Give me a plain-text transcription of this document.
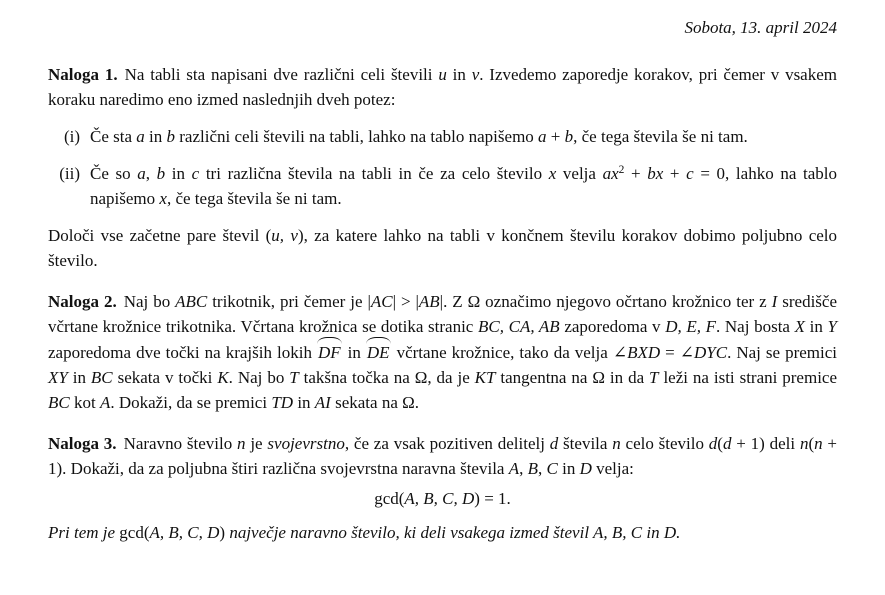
Sobota, 13. april 2024

Naloga 1. Na tabli sta napisani dve različni celi števili u in v. Izvedemo zaporedje korakov, pri čemer v vsakem koraku naredimo eno izmed naslednjih dveh potez:

(i) Če sta a in b različni celi števili na tabli, lahko na tablo napišemo a + b, če tega števila še ni tam.
(ii) Če so a, b in c tri različna števila na tabli in če za celo število x velja $ax^2$ + bx + c = 0, lahko na tablo napišemo x, če tega števila še ni tam.

Določi vse začetne pare števil (u, v), za katere lahko na tabli v končnem številu korakov dobimo poljubno celo število.

Naloga 2. Naj bo ABC trikotnik, pri čemer je |AC| > |AB|. Z Ω označimo njegovo očrtano krožnico ter z I središče včrtane krožnice trikotnika. Včrtana krožnica se dotika stranic BC, CA, AB zaporedoma v D, E, F. Naj bosta X in Y zaporedoma dve točki na krajših lokih DF in DE včrtane krožnice, tako da velja ∠BXD = ∠DYC. Naj se premici XY in BC sekata v točki K. Naj bo T takšna točka na Ω, da je KT tangentna na Ω in da T leži na isti strani premice BC kot A. Dokaži, da se premici TD in AI sekata na Ω.

Naloga 3. Naravno število n je svojevrstno, če za vsak pozitiven delitelj d števila n celo število d(d + 1) deli n(n + 1). Dokaži, da za poljubna štiri različna svojevrstna naravna števila A, B, C in D velja:

gcd(A, B, C, D) = 1.

Pri tem je gcd(A, B, C, D) največje naravno število, ki deli vsakega izmed števil A, B, C in D.
